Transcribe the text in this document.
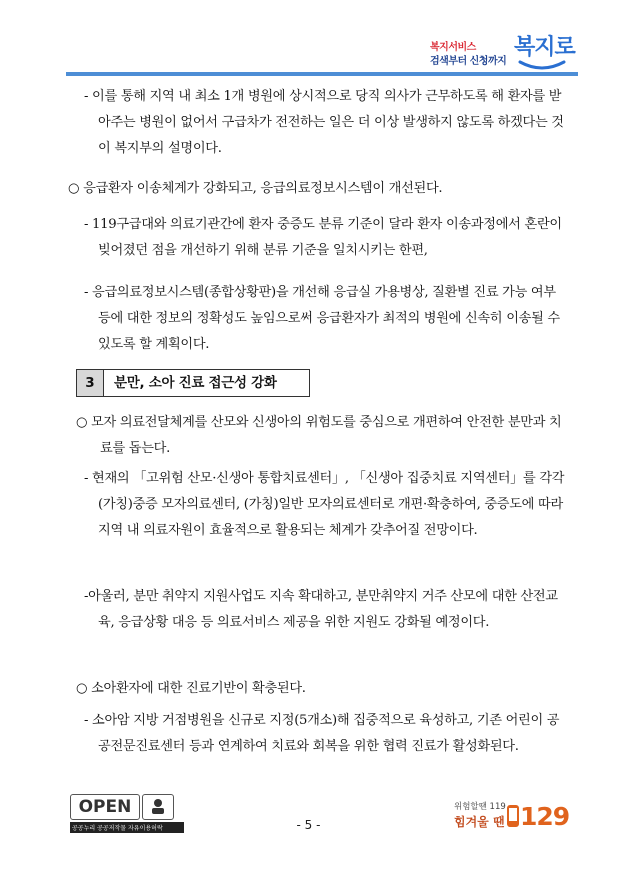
복지서비스
검색부터 신청까지
복지로

- 이를 통해 지역 내 최소 1개 병원에 상시적으로 당직 의사가 근무하도록 해 환자를 받아주는 병원이 없어서 구급차가 전전하는 일은 더 이상 발생하지 않도록 하겠다는 것이 복지부의 설명이다.

○ 응급환자 이송체계가 강화되고, 응급의료정보시스템이 개선된다.

- 119구급대와 의료기관간에 환자 중증도 분류 기준이 달라 환자 이송과정에서 혼란이 빚어졌던 점을 개선하기 위해 분류 기준을 일치시키는 한편,

- 응급의료정보시스템(종합상황판)을 개선해 응급실 가용병상, 질환별 진료 가능 여부 등에 대한 정보의 정확성도 높임으로써 응급환자가 최적의 병원에 신속히 이송될 수 있도록 할 계획이다.

3	분만, 소아 진료 접근성 강화

○ 모자 의료전달체계를 산모와 신생아의 위험도를 중심으로 개편하여 안전한 분만과 치료를 돕는다.

- 현재의 「고위험 산모·신생아 통합치료센터」, 「신생아 집중치료 지역센터」를 각각 (가칭)중증 모자의료센터, (가칭)일반 모자의료센터로 개편·확충하여, 중증도에 따라 지역 내 의료자원이 효율적으로 활용되는 체계가 갖추어질 전망이다.

-아울러, 분만 취약지 지원사업도 지속 확대하고, 분만취약지 거주 산모에 대한 산전교육, 응급상황 대응 등 의료서비스 제공을 위한 지원도 강화될 예정이다.

○ 소아환자에 대한 진료기반이 확충된다.

- 소아암 지방 거점병원을 신규로 지정(5개소)해 집중적으로 육성하고, 기존 어린이 공공전문진료센터 등과 연계하여 치료와 회복을 위한 협력 진료가 활성화된다.

OPEN
공공누리 공공저작물 자유이용허락	- 5 -
위험할땐 119
힘겨울 땐 129
